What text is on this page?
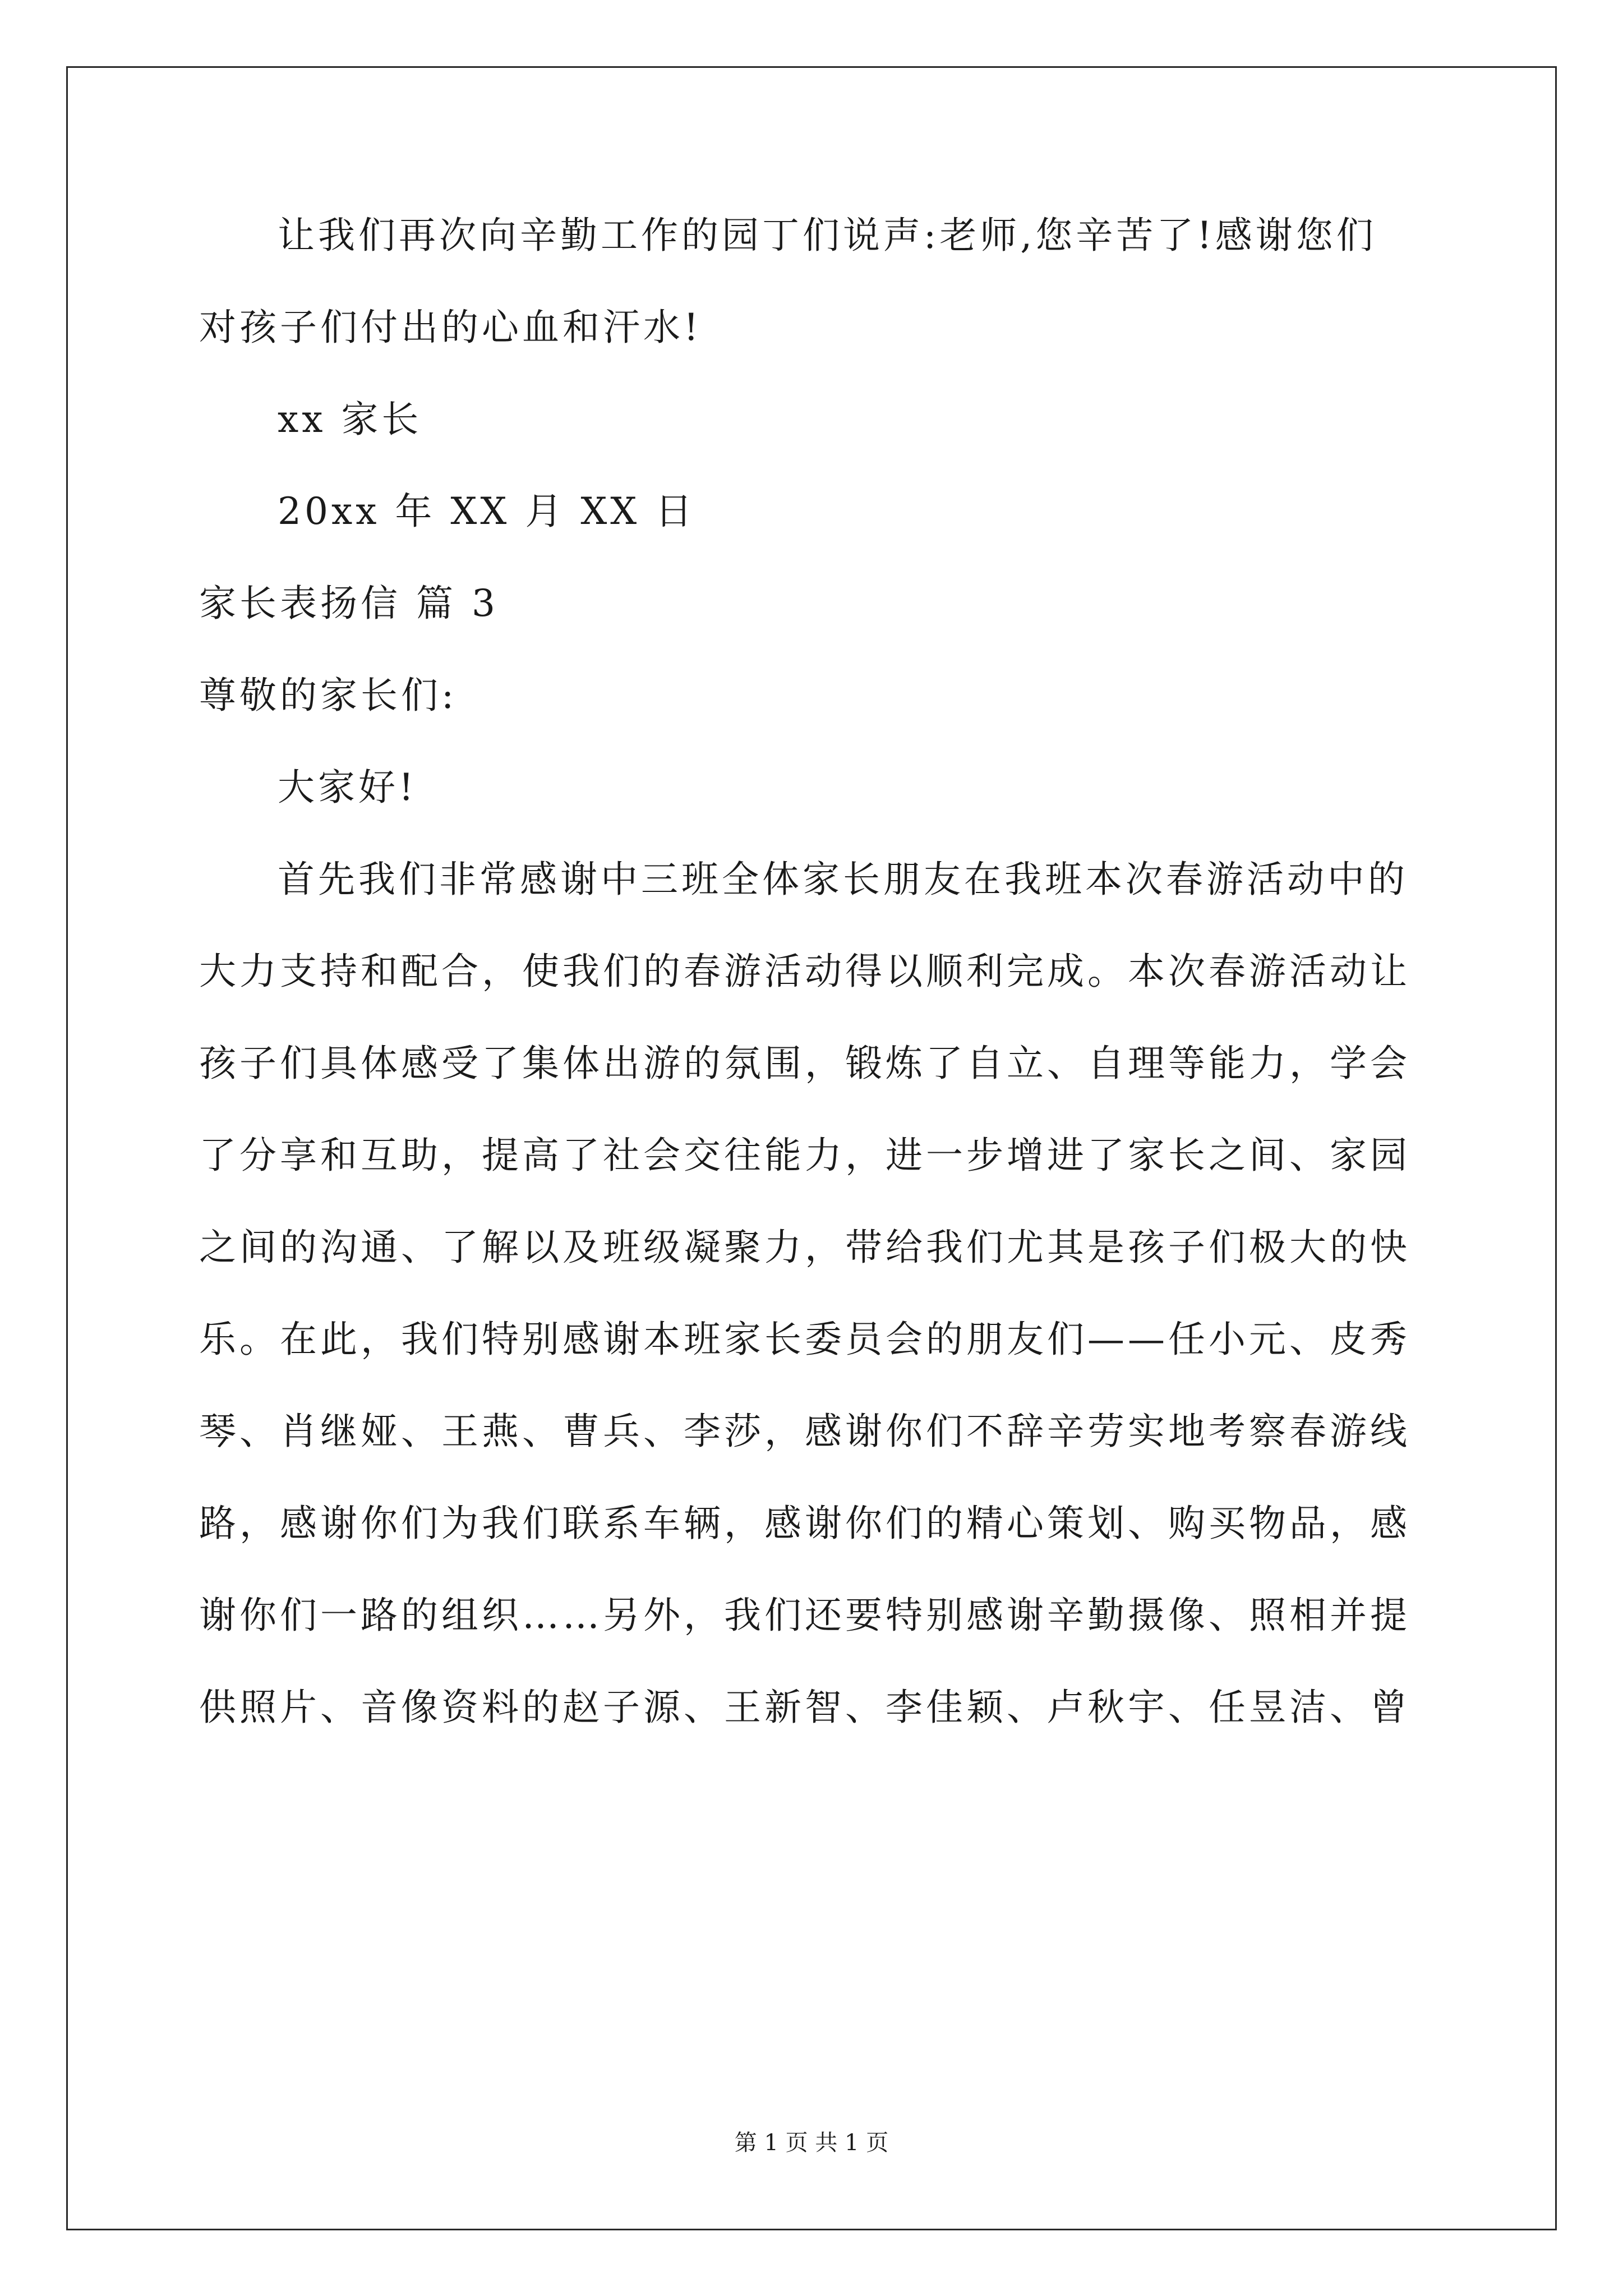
让我们再次向辛勤工作的园丁们说声:老师,您辛苦了!感谢您们
对孩子们付出的心血和汗水!
xx 家长
20xx 年 XX 月 XX 日
家长表扬信 篇 3
尊敬的家长们:
大家好!
首先我们非常感谢中三班全体家长朋友在我班本次春游活动中的
大力支持和配合，使我们的春游活动得以顺利完成。本次春游活动让
孩子们具体感受了集体出游的氛围，锻炼了自立、自理等能力，学会
了分享和互助，提高了社会交往能力，进一步增进了家长之间、家园
之间的沟通、了解以及班级凝聚力，带给我们尤其是孩子们极大的快
乐。在此，我们特别感谢本班家长委员会的朋友们——任小元、皮秀
琴、肖继娅、王燕、曹兵、李莎，感谢你们不辞辛劳实地考察春游线
路，感谢你们为我们联系车辆，感谢你们的精心策划、购买物品，感
谢你们一路的组织……另外，我们还要特别感谢辛勤摄像、照相并提
供照片、音像资料的赵子源、王新智、李佳颖、卢秋宇、任昱洁、曾
第 1 页 共 1 页
